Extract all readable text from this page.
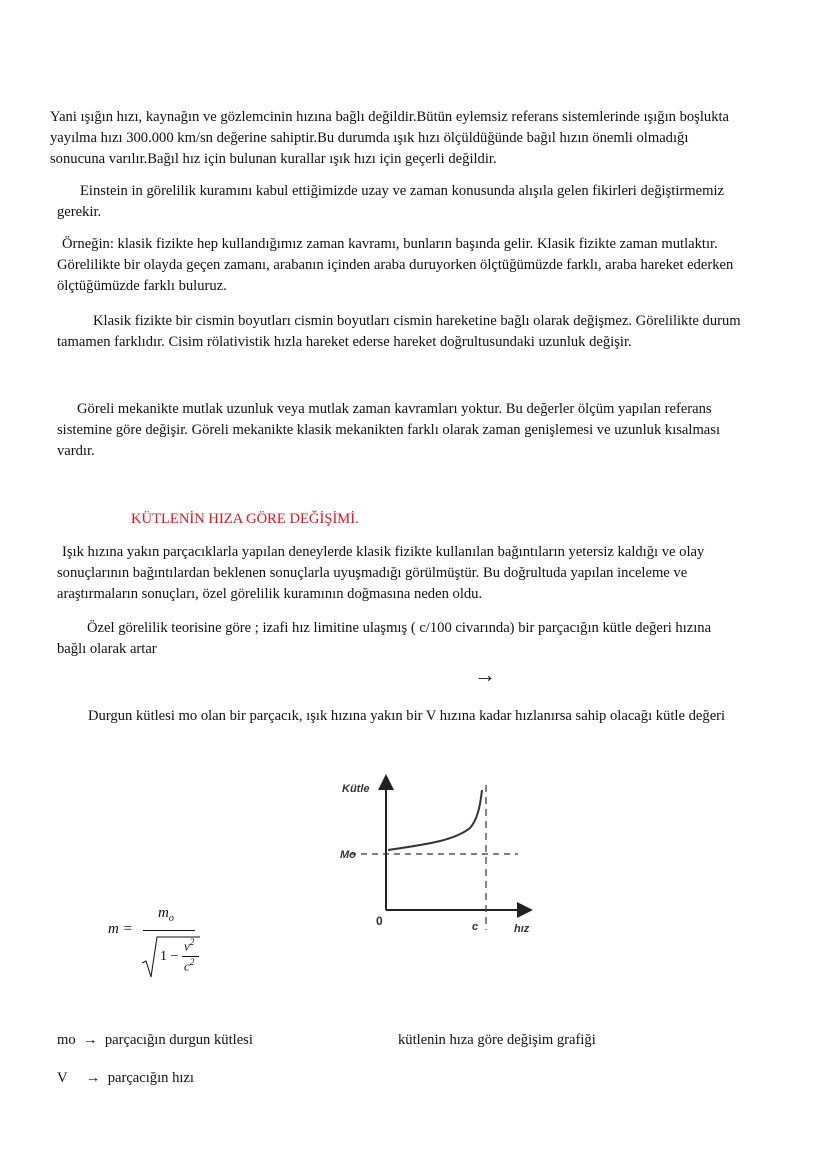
Yani ışığın hızı, kaynağın ve gözlemcinin hızına bağlı değildir.Bütün eylemsiz referans sistemlerinde ışığın boşlukta
yayılma hızı 300.000 km/sn değerine sahiptir.Bu durumda ışık hızı ölçüldüğünde bağıl hızın önemli olmadığı
sonucuna varılır.Bağıl hız için bulunan kurallar ışık hızı için geçerli değildir.
Einstein in görelilik kuramını kabul ettiğimizde uzay ve zaman konusunda alışıla gelen fikirleri değiştirmemiz
gerekir.
Örneğin: klasik fizikte hep kullandığımız zaman kavramı, bunların başında gelir. Klasik fizikte zaman mutlaktır.
Görelilikte bir olayda geçen zamanı, arabanın içinden araba duruyorken ölçtüğümüzde farklı, araba hareket ederken
ölçtüğümüzde farklı buluruz.
Klasik fizikte bir cismin boyutları cismin boyutları cismin hareketine bağlı olarak değişmez. Görelilikte durum
tamamen farklıdır. Cisim rölativistik hızla hareket ederse hareket doğrultusundaki uzunluk değişir.
Göreli mekanikte mutlak uzunluk veya mutlak zaman kavramları yoktur. Bu değerler ölçüm yapılan referans
sistemine göre değişir. Göreli mekanikte klasik mekanikten farklı olarak zaman genişlemesi ve uzunluk kısalması
vardır.
KÜTLENİN HIZA GÖRE DEĞİŞİMİ.
Işık hızına yakın parçacıklarla yapılan deneylerde klasik fizikte kullanılan bağıntıların yetersiz kaldığı ve olay
sonuçlarının bağıntılardan beklenen sonuçlarla uyuşmadığı görülmüştür. Bu doğrultuda yapılan inceleme ve
araştırmaların sonuçları, özel görelilik kuramının doğmasına neden oldu.
Özel görelilik teorisine göre ; izafi hız limitine ulaşmış ( c/100 civarında) bir parçacığın kütle değeri hızına
bağlı olarak artar
→
Durgun kütlesi mo olan bir parçacık, ışık hızına yakın bir V hızına kadar hızlanırsa sahip olacağı kütle değeri
Kütle
Mo
0	c	hız
m =
$m_o$
1 −
$v^2$
$c^2$
mo → parçacığın durgun kütlesi	kütlenin hıza göre değişim grafiği
V → parçacığın hızı
